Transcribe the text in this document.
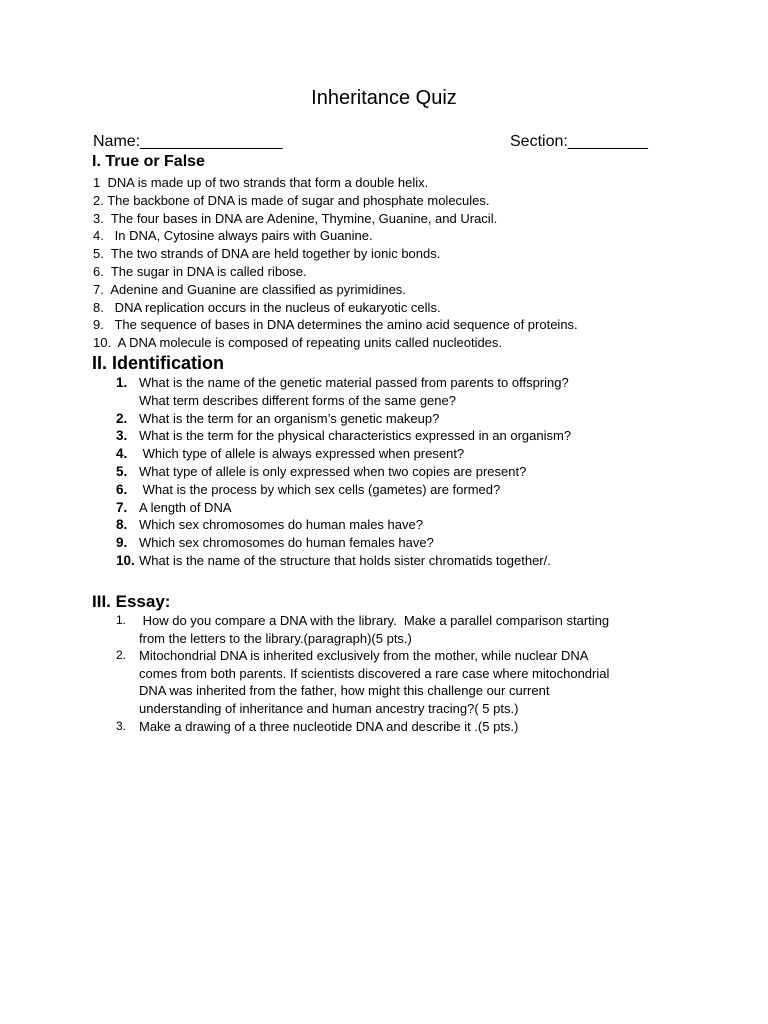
Inheritance Quiz
Name:________________	Section:_________
I. True or False
1  DNA is made up of two strands that form a double helix.
2. The backbone of DNA is made of sugar and phosphate molecules.
3.  The four bases in DNA are Adenine, Thymine, Guanine, and Uracil.
4.   In DNA, Cytosine always pairs with Guanine.
5.  The two strands of DNA are held together by ionic bonds.
6.  The sugar in DNA is called ribose.
7.  Adenine and Guanine are classified as pyrimidines.
8.   DNA replication occurs in the nucleus of eukaryotic cells.
9.   The sequence of bases in DNA determines the amino acid sequence of proteins.
10.  A DNA molecule is composed of repeating units called nucleotides.
II. Identification
1. What is the name of the genetic material passed from parents to offspring?
What term describes different forms of the same gene?
2. What is the term for an organism’s genetic makeup?
3. What is the term for the physical characteristics expressed in an organism?
4. Which type of allele is always expressed when present?
5. What type of allele is only expressed when two copies are present?
6. What is the process by which sex cells (gametes) are formed?
7. A length of DNA
8. Which sex chromosomes do human males have?
9. Which sex chromosomes do human females have?
10. What is the name of the structure that holds sister chromatids together/.
III. Essay:
1. How do you compare a DNA with the library.  Make a parallel comparison starting
from the letters to the library.(paragraph)(5 pts.)
2. Mitochondrial DNA is inherited exclusively from the mother, while nuclear DNA
comes from both parents. If scientists discovered a rare case where mitochondrial
DNA was inherited from the father, how might this challenge our current
understanding of inheritance and human ancestry tracing?( 5 pts.)
3. Make a drawing of a three nucleotide DNA and describe it .(5 pts.)
